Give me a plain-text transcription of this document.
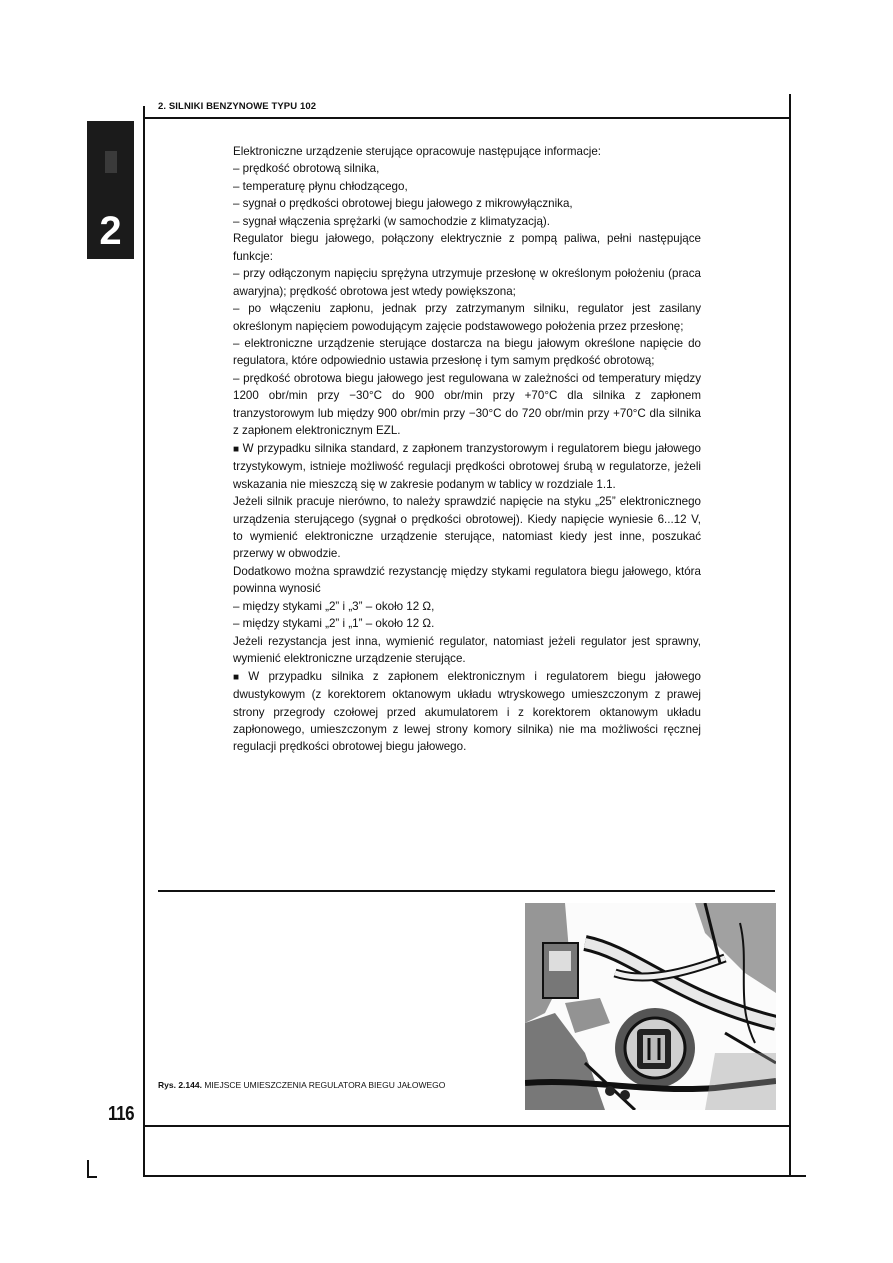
2. SILNIKI BENZYNOWE TYPU 102
2

Elektroniczne urządzenie sterujące opracowuje następujące informacje:

– prędkość obrotową silnika,

– temperaturę płynu chłodzącego,

– sygnał o prędkości obrotowej biegu jałowego z mikrowyłącznika,

– sygnał włączenia sprężarki (w samochodzie z klimatyzacją).

Regulator biegu jałowego, połączony elektrycznie z pompą paliwa, pełni następujące funkcje:

– przy odłączonym napięciu sprężyna utrzymuje przesłonę w określonym położeniu (praca awaryjna); prędkość obrotowa jest wtedy powiększona;

– po włączeniu zapłonu, jednak przy zatrzymanym silniku, regulator jest zasilany określonym napięciem powodującym zajęcie podstawowego położenia przez przesłonę;

– elektroniczne urządzenie sterujące dostarcza na biegu jałowym określone napięcie do regulatora, które odpowiednio ustawia przesłonę i tym samym prędkość obrotową;

– prędkość obrotowa biegu jałowego jest regulowana w zależności od temperatury między 1200 obr/min przy −30°C do 900 obr/min przy +70°C dla silnika z zapłonem tranzystorowym lub między 900 obr/min przy −30°C do 720 obr/min przy +70°C dla silnika z zapłonem elektronicznym EZL.

■ W przypadku silnika standard, z zapłonem tranzystorowym i regulatorem biegu jałowego trzystykowym, istnieje możliwość regulacji prędkości obrotowej śrubą w regulatorze, jeżeli wskazania nie mieszczą się w zakresie podanym w tablicy w rozdziale 1.1.

Jeżeli silnik pracuje nierówno, to należy sprawdzić napięcie na styku „25” elektronicznego urządzenia sterującego (sygnał o prędkości obrotowej). Kiedy napięcie wyniesie 6...12 V, to wymienić elektroniczne urządzenie sterujące, natomiast kiedy jest inne, poszukać przerwy w obwodzie.

Dodatkowo można sprawdzić rezystancję między stykami regulatora biegu jałowego, która powinna wynosić

– między stykami „2” i „3” – około 12 Ω,

– między stykami „2” i „1” – około 12 Ω.

Jeżeli rezystancja jest inna, wymienić regulator, natomiast jeżeli regulator jest sprawny, wymienić elektroniczne urządzenie sterujące.

■ W przypadku silnika z zapłonem elektronicznym i regulatorem biegu jałowego dwustykowym (z korektorem oktanowym układu wtryskowego umieszczonym z prawej strony przegrody czołowej przed akumulatorem i z korektorem oktanowym układu zapłonowego, umieszczonym z lewej strony komory silnika) nie ma możliwości ręcznej regulacji prędkości obrotowej biegu jałowego.

Rys. 2.144. MIEJSCE UMIESZCZENIA REGULATORA BIEGU JAŁOWEGO
116
